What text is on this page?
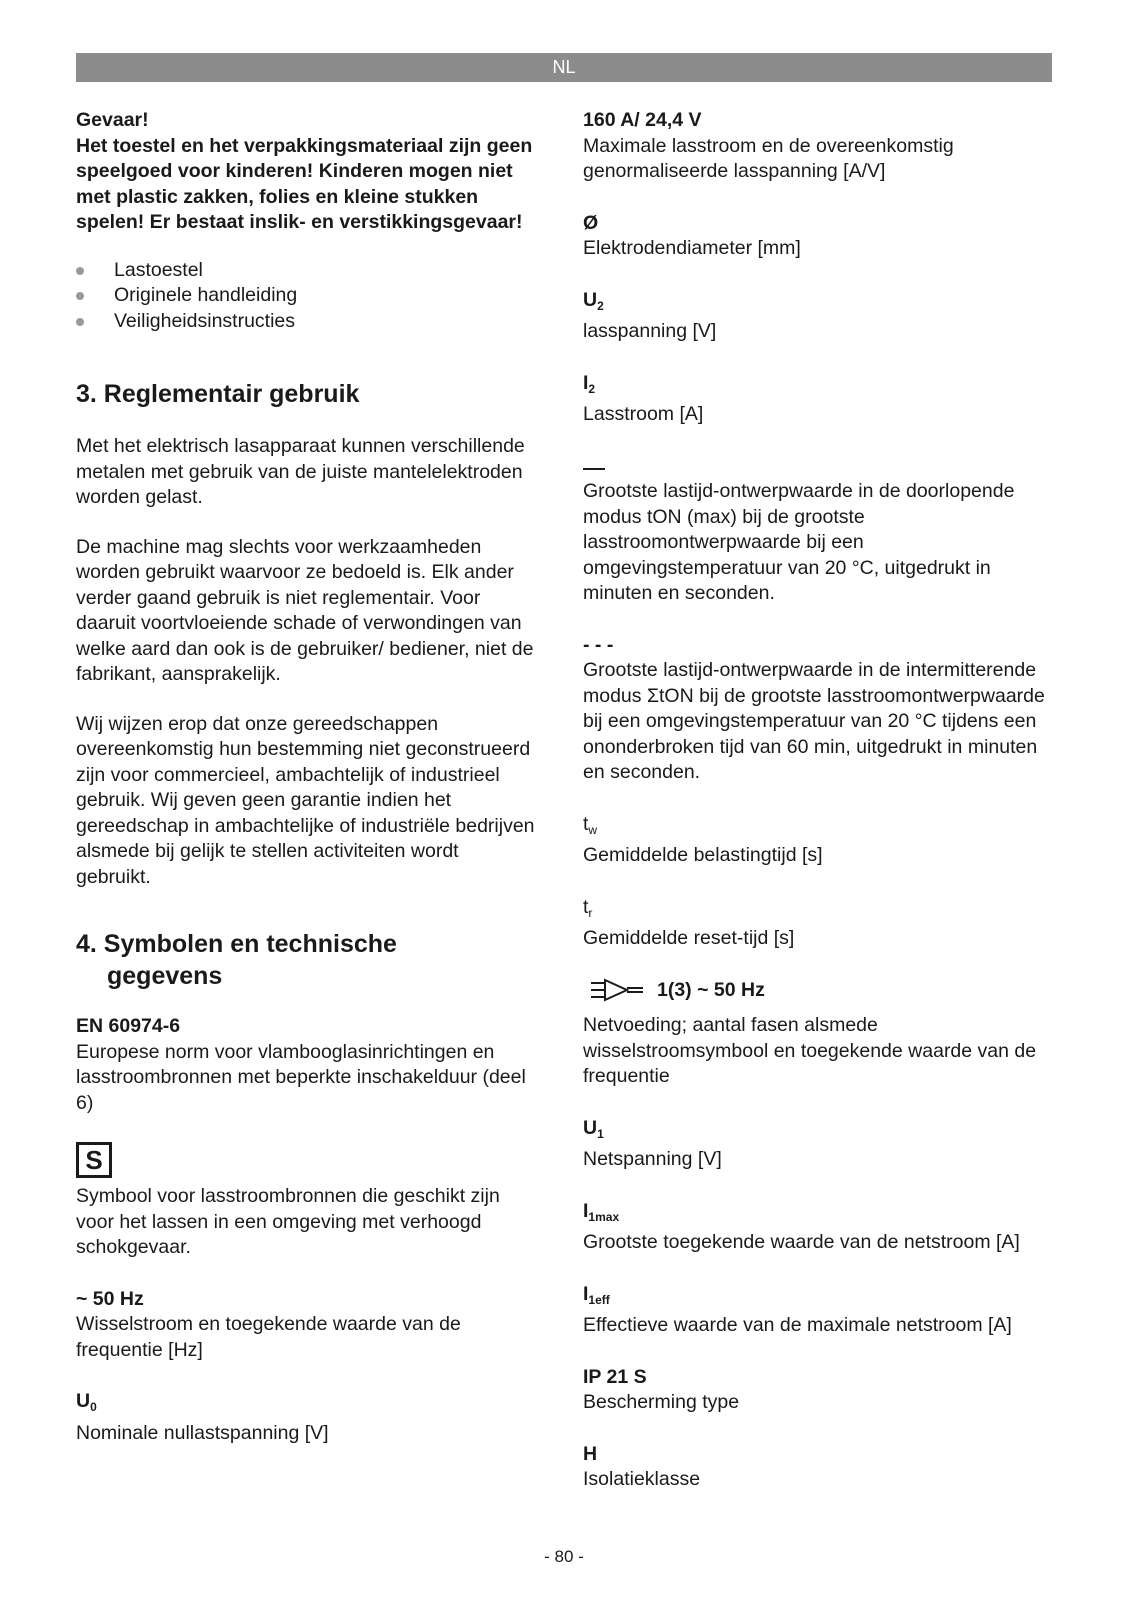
NL

Gevaar!

Het toestel en het verpakkingsmateriaal zijn geen speelgoed voor kinderen! Kinderen mogen niet met plastic zakken, folies en kleine stukken spelen! Er bestaat inslik- en verstikkingsgevaar!

Lastoestel
Originele handleiding
Veiligheidsinstructies
3. Reglementair gebruik

Met het elektrisch lasapparaat kunnen verschillende metalen met gebruik van de juiste mantelelektroden worden gelast.

De machine mag slechts voor werkzaamheden worden gebruikt waarvoor ze bedoeld is. Elk ander verder gaand gebruik is niet reglementair. Voor daaruit voortvloeiende schade of verwondingen van welke aard dan ook is de gebruiker/ bediener, niet de fabrikant, aansprakelijk.

Wij wijzen erop dat onze gereedschappen overeenkomstig hun bestemming niet geconstrueerd zijn voor commercieel, ambachtelijk of industrieel gebruik. Wij geven geen garantie indien het gereedschap in ambachtelijke of industriële bedrijven alsmede bij gelijk te stellen activiteiten wordt gebruikt.

4. Symbolen en technische
gegevens
EN 60974-6

Europese norm voor vlambooglasinrichtingen en lasstroombronnen met beperkte inschakelduur (deel 6)

S

Symbool voor lasstroombronnen die geschikt zijn voor het lassen in een omgeving met verhoogd schokgevaar.

~ 50 Hz

Wisselstroom en toegekende waarde van de frequentie [Hz]

$U_0$

Nominale nullastspanning [V]

160 A/ 24,4 V

Maximale lasstroom en de overeenkomstig genormaliseerde lasspanning [A/V]

Ø

Elektrodendiameter [mm]

$U_2$

lasspanning [V]

$I_2$

Lasstroom [A]

Grootste lastijd-ontwerpwaarde in de doorlopende modus tON (max) bij de grootste lasstroomontwerpwaarde bij een omgevingstemperatuur van 20 °C, uitgedrukt in minuten en seconden.

- - -

Grootste lastijd-ontwerpwaarde in de intermitterende modus ΣtON bij de grootste lasstroomontwerpwaarde bij een omgevingstemperatuur van 20 °C tijdens een ononderbroken tijd van 60 min, uitgedrukt in minuten en seconden.

$t_w$

Gemiddelde belastingtijd [s]

$t_r$

Gemiddelde reset-tijd [s]

1(3) ~ 50 Hz

Netvoeding; aantal fasen alsmede wisselstroomsymbool en toegekende waarde van de frequentie

$U_1$

Netspanning [V]

$I_{1max}$

Grootste toegekende waarde van de netstroom [A]

$I_{1eff}$

Effectieve waarde van de maximale netstroom [A]

IP 21 S

Bescherming type

H

Isolatieklasse

- 80 -
